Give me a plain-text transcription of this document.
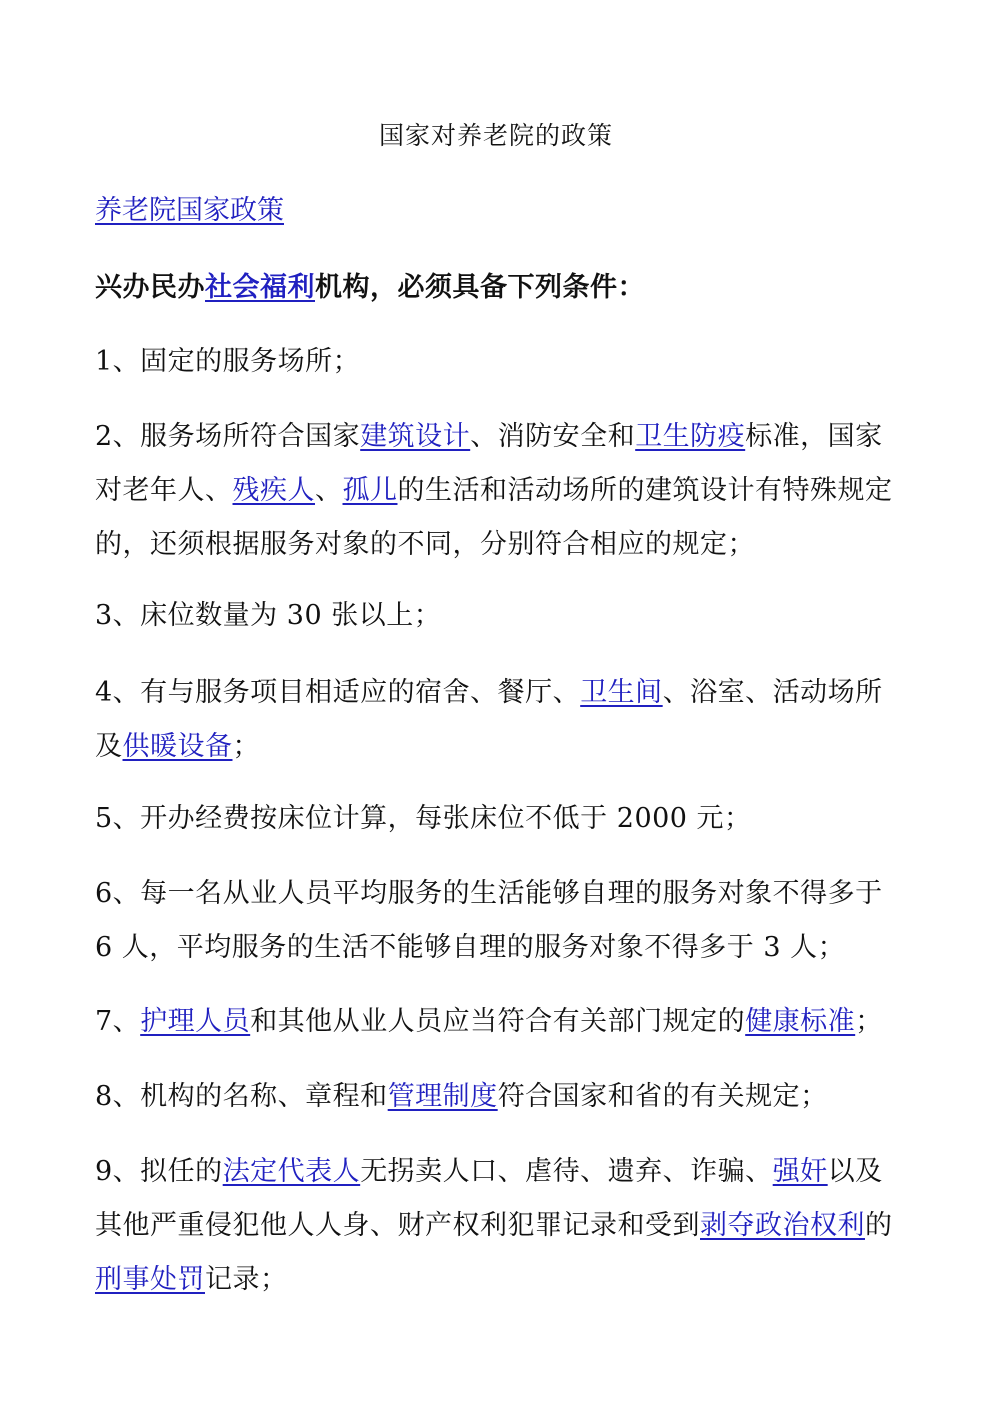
国家对养老院的政策
养老院国家政策
兴办民办社会福利机构，必须具备下列条件：
1、固定的服务场所；
2、服务场所符合国家建筑设计、消防安全和卫生防疫标准，国家对老年人、残疾人、孤儿的生活和活动场所的建筑设计有特殊规定的，还须根据服务对象的不同，分别符合相应的规定；
3、床位数量为 30 张以上；
4、有与服务项目相适应的宿舍、餐厅、卫生间、浴室、活动场所及供暖设备；
5、开办经费按床位计算，每张床位不低于 2000 元；
6、每一名从业人员平均服务的生活能够自理的服务对象不得多于 6 人，平均服务的生活不能够自理的服务对象不得多于 3 人；
7、护理人员和其他从业人员应当符合有关部门规定的健康标准；
8、机构的名称、章程和管理制度符合国家和省的有关规定；
9、拟任的法定代表人无拐卖人口、虐待、遗弃、诈骗、强奸以及其他严重侵犯他人人身、财产权利犯罪记录和受到剥夺政治权利的刑事处罚记录；
